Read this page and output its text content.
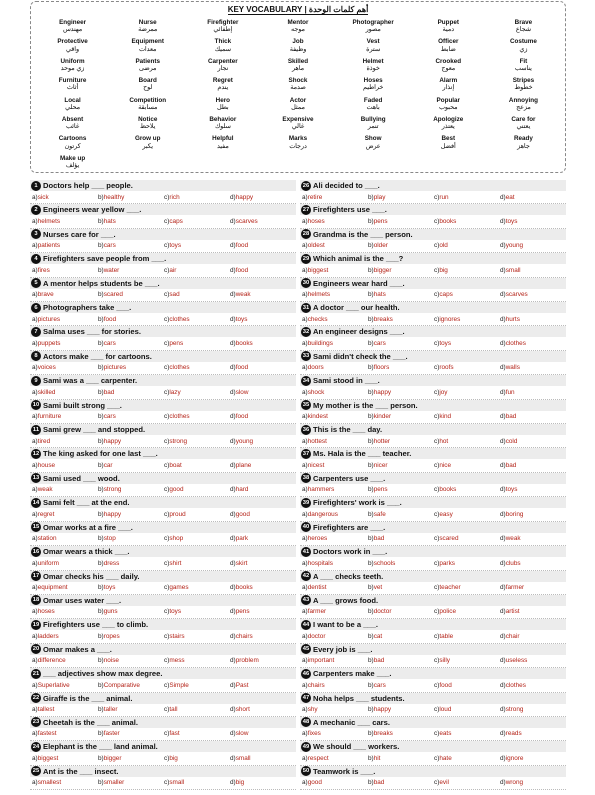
KEY VOCABULARY | أهم كلمات الوحدة
Engineer
مهندس
Nurse
ممرضة
Firefighter
إطفائي
Mentor
موجه
Photographer
مصور
Puppet
دمية
Brave
شجاع
Protective
واقي
Equipment
معدات
Thick
سميك
Job
وظيفة
Vest
سترة
Officer
ضابط
Costume
زي
Uniform
زي موحد
Patients
مرضى
Carpenter
نجار
Skilled
ماهر
Helmet
خوذة
Crooked
معوج
Fit
يناسب
Furniture
أثاث
Board
لوح
Regret
يندم
Shock
صدمة
Hoses
خراطيم
Alarm
إنذار
Stripes
خطوط
Local
محلي
Competition
مسابقة
Hero
بطل
Actor
ممثل
Faded
باهت
Popular
محبوب
Annoying
مزعج
Absent
غائب
Notice
يلاحظ
Behavior
سلوك
Expensive
غالي
Bullying
تنمر
Apologize
يعتذر
Care for
يعتني
Cartoons
كرتون
Grow up
يكبر
Helpful
مفيد
Marks
درجات
Show
عرض
Best
أفضل
Ready
جاهز
Make up
يؤلف
1 Doctors help ___ people.
a)sick	b)healthy	c)rich	d)happy
2 Engineers wear yellow ___.
a)helmets	b)hats	c)caps	d)scarves
3 Nurses care for ___.
a)patients	b)cars	c)toys	d)food
4 Firefighters save people from ___.
a)fires	b)water	c)air	d)food
5 A mentor helps students be ___.
a)brave	b)scared	c)sad	d)weak
6 Photographers take ___.
a)pictures	b)food	c)clothes	d)toys
7 Salma uses ___ for stories.
a)puppets	b)cars	c)pens	d)books
8 Actors make ___ for cartoons.
a)voices	b)pictures	c)clothes	d)food
9 Sami was a ___ carpenter.
a)skilled	b)bad	c)lazy	d)slow
10 Sami built strong ___.
a)furniture	b)cars	c)clothes	d)food
11 Sami grew ___ and stopped.
a)tired	b)happy	c)strong	d)young
12 The king asked for one last ___.
a)house	b)car	c)boat	d)plane
13 Sami used ___ wood.
a)weak	b)strong	c)good	d)hard
14 Sami felt ___ at the end.
a)regret	b)happy	c)proud	d)good
15 Omar works at a fire ___.
a)station	b)stop	c)shop	d)park
16 Omar wears a thick ___.
a)uniform	b)dress	c)shirt	d)skirt
17 Omar checks his ___ daily.
a)equipment	b)toys	c)games	d)books
18 Omar uses water ___.
a)hoses	b)guns	c)toys	d)pens
19 Firefighters use ___ to climb.
a)ladders	b)ropes	c)stairs	d)chairs
20 Omar makes a ___.
a)difference	b)noise	c)mess	d)problem
21 ___ adjectives show max degree.
a)Superlative	b)Comparative	c)Simple	d)Past
22 Giraffe is the ___ animal.
a)tallest	b)taller	c)tall	d)short
23 Cheetah is the ___ animal.
a)fastest	b)faster	c)fast	d)slow
24 Elephant is the ___ land animal.
a)biggest	b)bigger	c)big	d)small
25 Ant is the ___ insect.
a)smallest	b)smaller	c)small	d)big
26 Ali decided to ___.
a)retire	b)play	c)run	d)eat
27 Firefighters use ___.
a)hoses	b)pens	c)books	d)toys
28 Grandma is the ___ person.
a)oldest	b)older	c)old	d)young
29 Which animal is the ___?
a)biggest	b)bigger	c)big	d)small
30 Engineers wear hard ___.
a)helmets	b)hats	c)caps	d)scarves
31 A doctor ___ our health.
a)checks	b)breaks	c)ignores	d)hurts
32 An engineer designs ___.
a)buildings	b)cars	c)toys	d)clothes
33 Sami didn't check the ___.
a)doors	b)floors	c)roofs	d)walls
34 Sami stood in ___.
a)shock	b)happy	c)joy	d)fun
35 My mother is the ___ person.
a)kindest	b)kinder	c)kind	d)bad
36 This is the ___ day.
a)hottest	b)hotter	c)hot	d)cold
37 Ms. Hala is the ___ teacher.
a)nicest	b)nicer	c)nice	d)bad
38 Carpenters use ___.
a)hammers	b)pens	c)books	d)toys
39 Firefighters' work is ___.
a)dangerous	b)safe	c)easy	d)boring
40 Firefighters are ___.
a)heroes	b)bad	c)scared	d)weak
41 Doctors work in ___.
a)hospitals	b)schools	c)parks	d)clubs
42 A ___ checks teeth.
a)dentist	b)vet	c)teacher	d)farmer
43 A ___ grows food.
a)farmer	b)doctor	c)police	d)artist
44 I want to be a ___.
a)doctor	b)cat	c)table	d)chair
45 Every job is ___.
a)important	b)bad	c)silly	d)useless
46 Carpenters make ___.
a)chairs	b)cars	c)food	d)clothes
47 Noha helps ___ students.
a)shy	b)happy	c)loud	d)strong
48 A mechanic ___ cars.
a)fixes	b)breaks	c)eats	d)reads
49 We should ___ workers.
a)respect	b)hit	c)hate	d)ignore
50 Teamwork is ___.
a)good	b)bad	c)evil	d)wrong
